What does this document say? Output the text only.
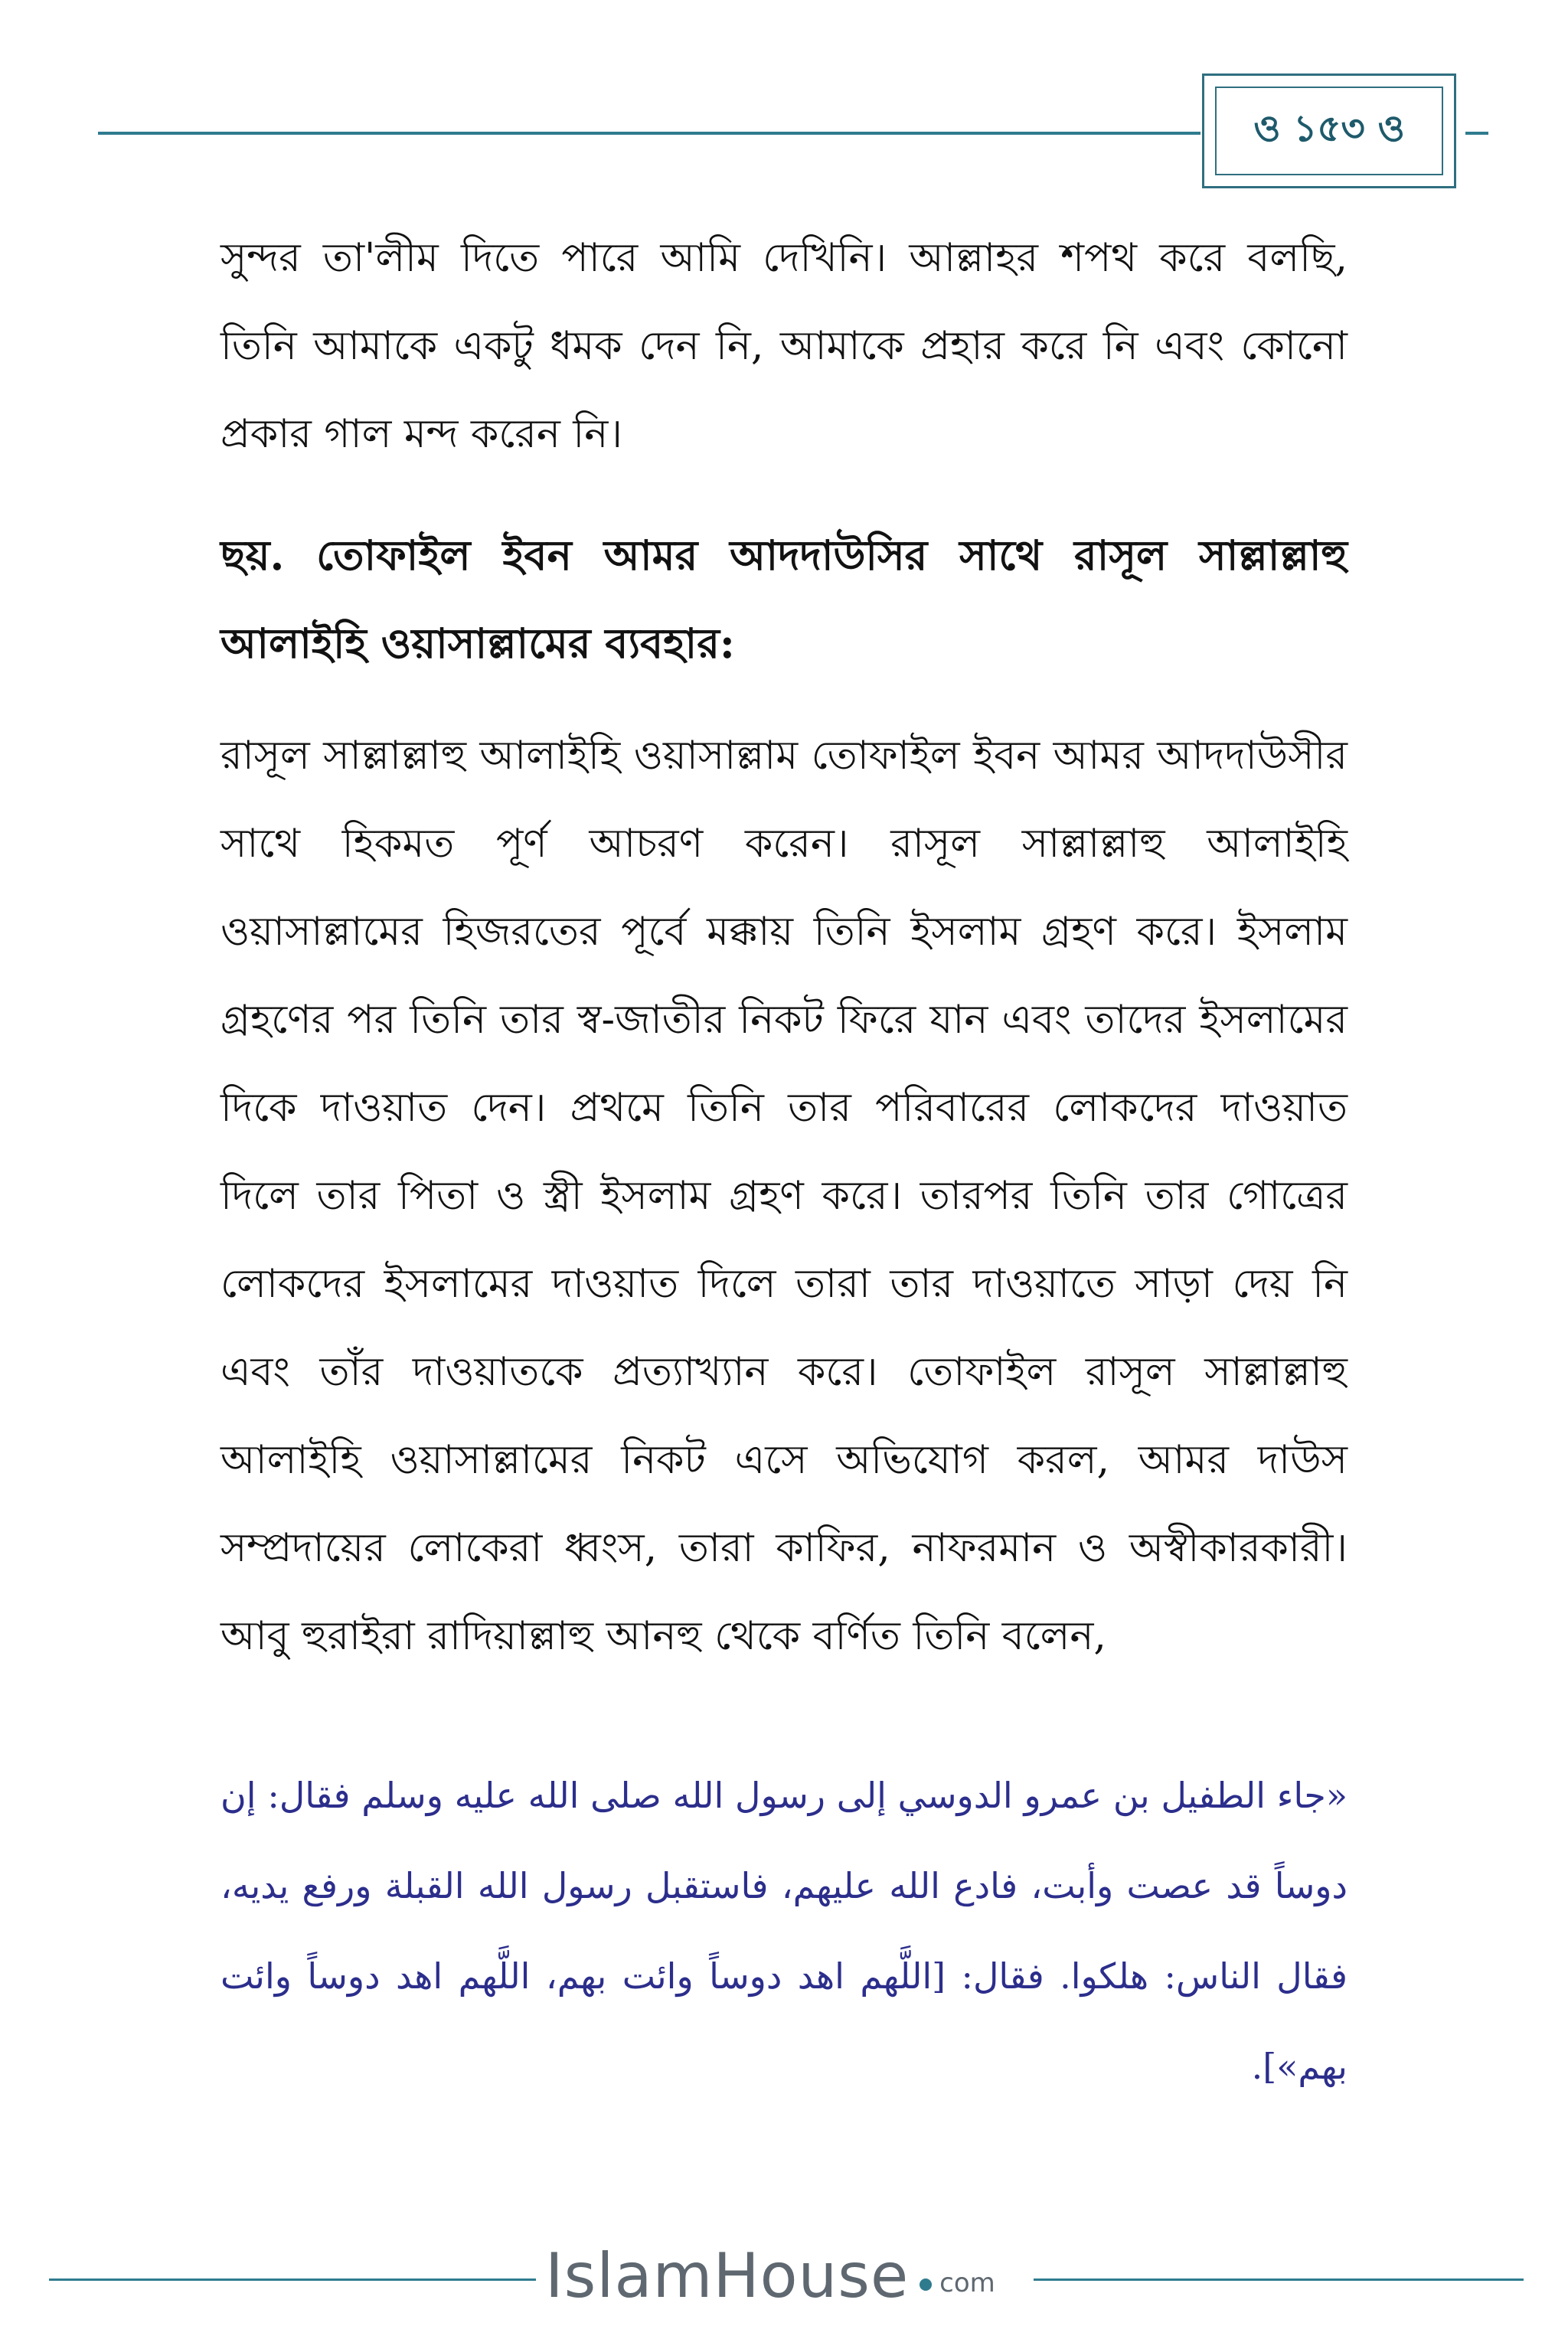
ও ১৫৩ ও

সুন্দর তা'লীম দিতে পারে আমি দেখিনি। আল্লাহর শপথ করে বলছি, তিনি আমাকে একটু ধমক দেন নি, আমাকে প্রহার করে নি এবং কোনো প্রকার গাল মন্দ করেন নি।

ছয়. তোফাইল ইবন আমর আদদাউসির সাথে রাসূল সাল্লাল্লাহু আলাইহি ওয়াসাল্লামের ব্যবহার:

রাসূল সাল্লাল্লাহু আলাইহি ওয়াসাল্লাম তোফাইল ইবন আমর আদদাউসীর সাথে হিকমত পূর্ণ আচরণ করেন। রাসূল সাল্লাল্লাহু আলাইহি ওয়াসাল্লামের হিজরতের পূর্বে মক্কায় তিনি ইসলাম গ্রহণ করে। ইসলাম গ্রহণের পর তিনি তার স্ব-জাতীর নিকট ফিরে যান এবং তাদের ইসলামের দিকে দাওয়াত দেন। প্রথমে তিনি তার পরিবারের লোকদের দাওয়াত দিলে তার পিতা ও স্ত্রী ইসলাম গ্রহণ করে। তারপর তিনি তার গোত্রের লোকদের ইসলামের দাওয়াত দিলে তারা তার দাওয়াতে সাড়া দেয় নি এবং তাঁর দাওয়াতকে প্রত্যাখ্যান করে। তোফাইল রাসূল সাল্লাল্লাহু আলাইহি ওয়াসাল্লামের নিকট এসে অভিযোগ করল, আমর দাউস সম্প্রদায়ের লোকেরা ধ্বংস, তারা কাফির, নাফরমান ও অস্বীকারকারী। আবু হুরাইরা রাদিয়াল্লাহু আনহু থেকে বর্ণিত তিনি বলেন,

«جاء الطفيل بن عمرو الدوسي إلى رسول الله صلى الله عليه وسلم فقال: إن دوساً قد عصت وأبت، فادع الله عليهم، فاستقبل رسول الله القبلة ورفع يديه، فقال الناس: هلكوا. فقال: [اللَّهم اهد دوساً وائت بهم، اللَّهم اهد دوساً وائت بهم»].

IslamHouse com
